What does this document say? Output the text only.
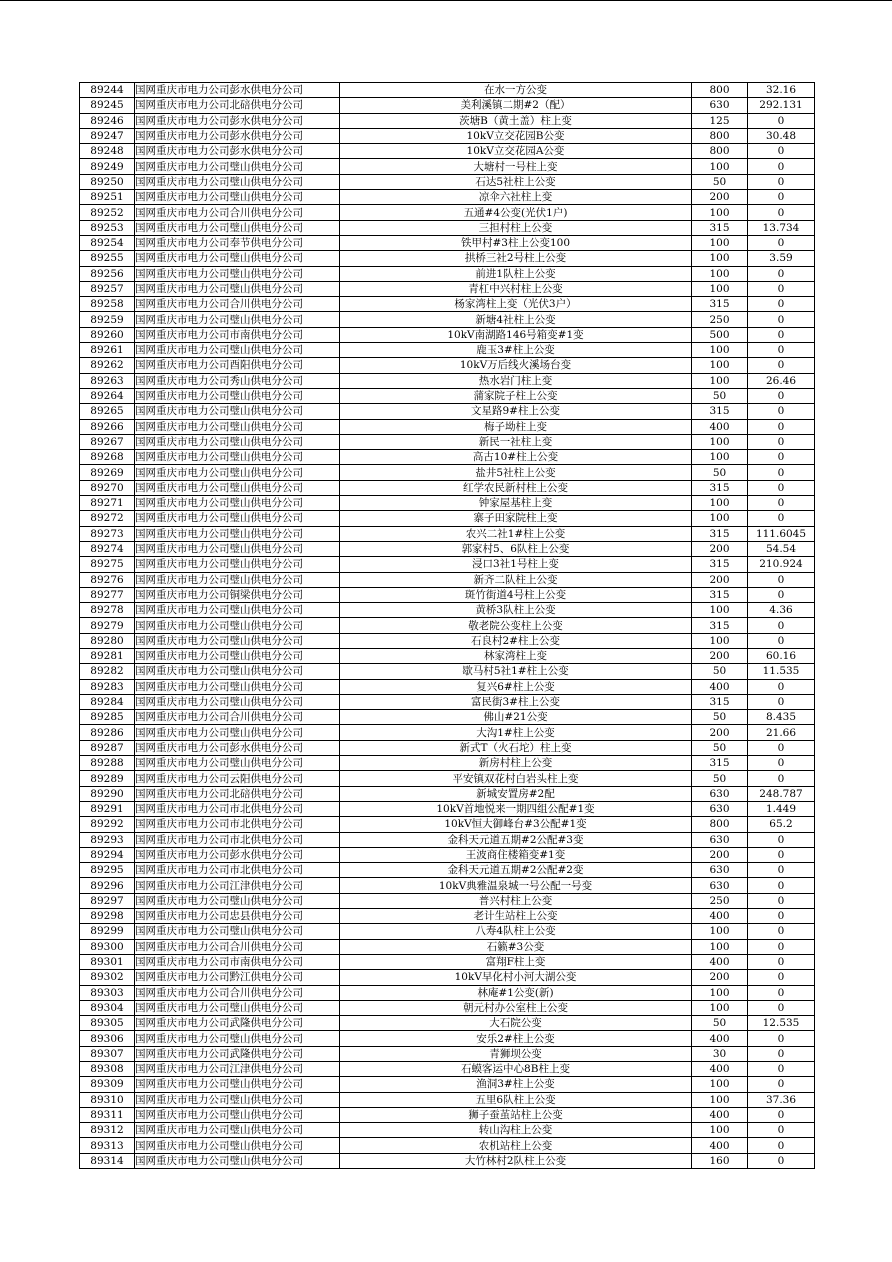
89244	国网重庆市电力公司彭水供电分公司	在水一方公变	800	32.16
89245	国网重庆市电力公司北碚供电分公司	美利溪镇二期#2（配）	630	292.131
89246	国网重庆市电力公司彭水供电分公司	茨塘B（黄土盖）柱上变	125	0
89247	国网重庆市电力公司彭水供电分公司	10kV立交花园B公变	800	30.48
89248	国网重庆市电力公司彭水供电分公司	10kV立交花园A公变	800	0
89249	国网重庆市电力公司璧山供电分公司	大塘村一号柱上变	100	0
89250	国网重庆市电力公司璧山供电分公司	石达5社柱上公变	50	0
89251	国网重庆市电力公司璧山供电分公司	凉伞六社柱上变	200	0
89252	国网重庆市电力公司合川供电分公司	五通#4公变(光伏1户)	100	0
89253	国网重庆市电力公司璧山供电分公司	三担村柱上公变	315	13.734
89254	国网重庆市电力公司奉节供电分公司	铁甲村#3柱上公变100	100	0
89255	国网重庆市电力公司璧山供电分公司	拱桥三社2号柱上公变	100	3.59
89256	国网重庆市电力公司璧山供电分公司	前进1队柱上公变	100	0
89257	国网重庆市电力公司璧山供电分公司	青杠中兴村柱上公变	100	0
89258	国网重庆市电力公司合川供电分公司	杨家湾柱上变（光伏3户）	315	0
89259	国网重庆市电力公司璧山供电分公司	新塘4社柱上公变	250	0
89260	国网重庆市电力公司市南供电分公司	10kV南湖路146号箱变#1变	500	0
89261	国网重庆市电力公司璧山供电分公司	鹿玉3#柱上公变	100	0
89262	国网重庆市电力公司酉阳供电分公司	10kV万后线火溪场台变	100	0
89263	国网重庆市电力公司秀山供电分公司	热水岩门柱上变	100	26.46
89264	国网重庆市电力公司璧山供电分公司	蒲家院子柱上公变	50	0
89265	国网重庆市电力公司璧山供电分公司	文星路9#柱上公变	315	0
89266	国网重庆市电力公司璧山供电分公司	梅子坳柱上变	400	0
89267	国网重庆市电力公司璧山供电分公司	新民一社柱上变	100	0
89268	国网重庆市电力公司璧山供电分公司	高古10#柱上公变	100	0
89269	国网重庆市电力公司璧山供电分公司	盐井5社柱上公变	50	0
89270	国网重庆市电力公司璧山供电分公司	红学农民新村柱上公变	315	0
89271	国网重庆市电力公司璧山供电分公司	钟家屋基柱上变	100	0
89272	国网重庆市电力公司璧山供电分公司	寨子田家院柱上变	100	0
89273	国网重庆市电力公司璧山供电分公司	农兴二社1#柱上公变	315	111.6045
89274	国网重庆市电力公司璧山供电分公司	郭家村5、6队柱上公变	200	54.54
89275	国网重庆市电力公司璧山供电分公司	浸口3社1号柱上变	315	210.924
89276	国网重庆市电力公司璧山供电分公司	新齐二队柱上公变	200	0
89277	国网重庆市电力公司铜梁供电分公司	斑竹街道4号柱上公变	315	0
89278	国网重庆市电力公司璧山供电分公司	黄桥3队柱上公变	100	4.36
89279	国网重庆市电力公司璧山供电分公司	敬老院公变柱上公变	315	0
89280	国网重庆市电力公司璧山供电分公司	石良村2#柱上公变	100	0
89281	国网重庆市电力公司璧山供电分公司	林家湾柱上变	200	60.16
89282	国网重庆市电力公司璧山供电分公司	歇马村5社1#柱上公变	50	11.535
89283	国网重庆市电力公司璧山供电分公司	复兴6#柱上公变	400	0
89284	国网重庆市电力公司璧山供电分公司	富民街3#柱上公变	315	0
89285	国网重庆市电力公司合川供电分公司	佛山#21公变	50	8.435
89286	国网重庆市电力公司璧山供电分公司	大沟1#柱上公变	200	21.66
89287	国网重庆市电力公司彭水供电分公司	新式T（火石坨）柱上变	50	0
89288	国网重庆市电力公司璧山供电分公司	新房村柱上公变	315	0
89289	国网重庆市电力公司云阳供电分公司	平安镇双花村白岩头柱上变	50	0
89290	国网重庆市电力公司北碚供电分公司	新城安置房#2配	630	248.787
89291	国网重庆市电力公司市北供电分公司	10kV首地悦来一期四组公配#1变	630	1.449
89292	国网重庆市电力公司市北供电分公司	10kV恒大御峰台#3公配#1变	800	65.2
89293	国网重庆市电力公司市北供电分公司	金科天元道五期#2公配#3变	630	0
89294	国网重庆市电力公司彭水供电分公司	王波商住楼箱变#1变	200	0
89295	国网重庆市电力公司市北供电分公司	金科天元道五期#2公配#2变	630	0
89296	国网重庆市电力公司江津供电分公司	10kV典雅温泉城一号公配一号变	630	0
89297	国网重庆市电力公司璧山供电分公司	普兴村柱上公变	250	0
89298	国网重庆市电力公司忠县供电分公司	老计生站柱上公变	400	0
89299	国网重庆市电力公司璧山供电分公司	八寿4队柱上公变	100	0
89300	国网重庆市电力公司合川供电分公司	石籁#3公变	100	0
89301	国网重庆市电力公司市南供电分公司	富翔F柱上变	400	0
89302	国网重庆市电力公司黔江供电分公司	10kV早化村小河大湖公变	200	0
89303	国网重庆市电力公司合川供电分公司	林庵#1公变(新)	100	0
89304	国网重庆市电力公司璧山供电分公司	朝元村办公室柱上公变	100	0
89305	国网重庆市电力公司武隆供电分公司	大石院公变	50	12.535
89306	国网重庆市电力公司璧山供电分公司	安乐2#柱上公变	400	0
89307	国网重庆市电力公司武隆供电分公司	青狮坝公变	30	0
89308	国网重庆市电力公司江津供电分公司	石蟆客运中心8B柱上变	400	0
89309	国网重庆市电力公司璧山供电分公司	渔洞3#柱上公变	100	0
89310	国网重庆市电力公司璧山供电分公司	五里6队柱上公变	100	37.36
89311	国网重庆市电力公司璧山供电分公司	狮子蚕茧站柱上公变	400	0
89312	国网重庆市电力公司璧山供电分公司	转山沟柱上公变	100	0
89313	国网重庆市电力公司璧山供电分公司	农机站柱上公变	400	0
89314	国网重庆市电力公司璧山供电分公司	大竹林村2队柱上公变	160	0
